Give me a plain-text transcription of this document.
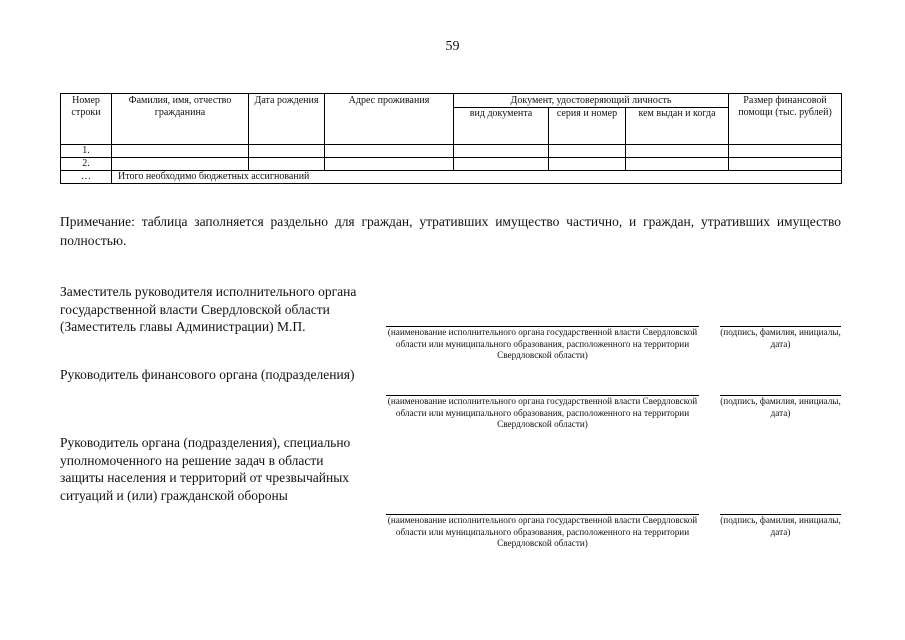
59
Номер строки	Фамилия, имя, отчество гражданина	Дата рождения	Адрес проживания	Документ, удостоверяющий личность			Размер финансовой помощи (тыс. рублей)
				вид документа	серия и номер	кем выдан и когда	
1.							
2.							
…	Итого необходимо бюджетных ассигнований						
Примечание: таблица заполняется раздельно для граждан, утративших имущество частично, и граждан, утративших имущество полностью.
Заместитель руководителя исполнительного органа государственной власти Свердловской области (Заместитель главы Администрации) М.П.	(наименование исполнительного органа государственной власти Свердловской области или муниципального образования, расположенного на территории Свердловской области)
(подпись, фамилия, инициалы, дата)
Руководитель финансового органа (подразделения)
(наименование исполнительного органа государственной власти Свердловской области или муниципального образования, расположенного на территории Свердловской области)
(подпись, фамилия, инициалы, дата)
Руководитель органа (подразделения), специально уполномоченного на решение задач в области защиты населения и территорий от чрезвычайных ситуаций и (или) гражданской обороны
(наименование исполнительного органа государственной власти Свердловской области или муниципального образования, расположенного на территории Свердловской области)
(подпись, фамилия, инициалы, дата)
